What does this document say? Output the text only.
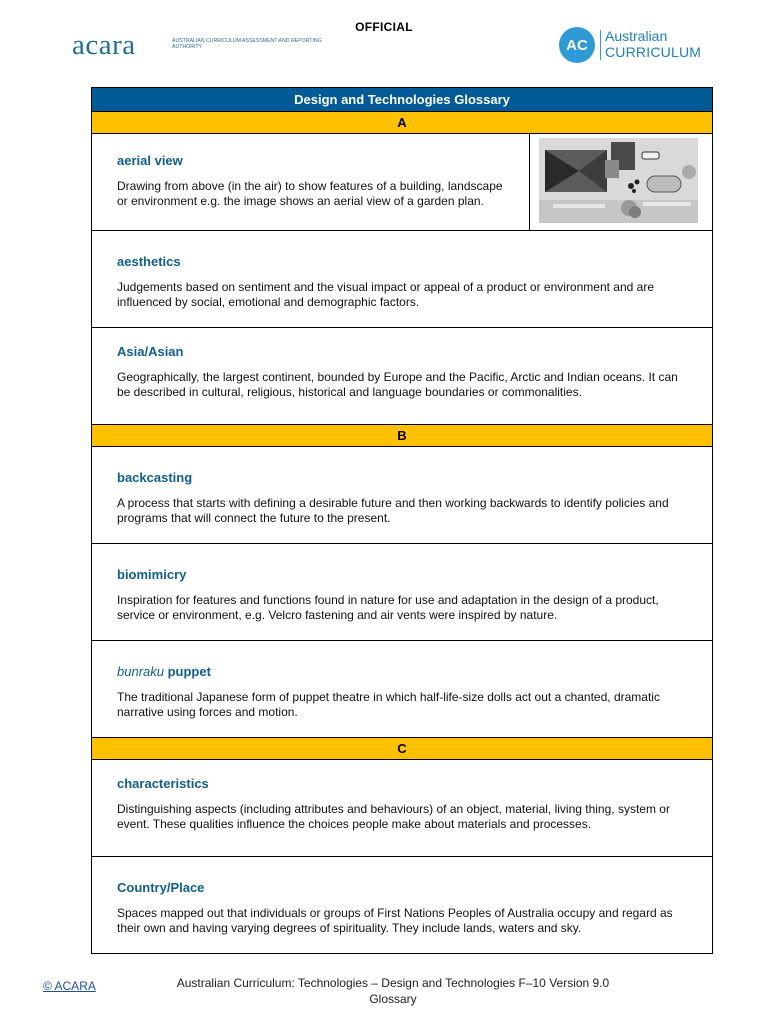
OFFICIAL
acara	AUSTRALIAN CURRICULUM ASSESSMENT AND REPORTING AUTHORITY	AC
Australian
CURRICULUM
Design and Technologies Glossary
A
aerial view
Drawing from above (in the air) to show features of a building, landscape or environment e.g. the image shows an aerial view of a garden plan.
aesthetics
Judgements based on sentiment and the visual impact or appeal of a product or environment and are influenced by social, emotional and demographic factors.
Asia/Asian
Geographically, the largest continent, bounded by Europe and the Pacific, Arctic and Indian oceans. It can be described in cultural, religious, historical and language boundaries or commonalities.
B
backcasting
A process that starts with defining a desirable future and then working backwards to identify policies and programs that will connect the future to the present.
biomimicry
Inspiration for features and functions found in nature for use and adaptation in the design of a product, service or environment, e.g. Velcro fastening and air vents were inspired by nature.
bunraku puppet
The traditional Japanese form of puppet theatre in which half-life-size dolls act out a chanted, dramatic narrative using forces and motion.
C
characteristics
Distinguishing aspects (including attributes and behaviours) of an object, material, living thing, system or event. These qualities influence the choices people make about materials and processes.
Country/Place
Spaces mapped out that individuals or groups of First Nations Peoples of Australia occupy and regard as their own and having varying degrees of spirituality. They include lands, waters and sky.
© ACARA	Australian Curriculum: Technologies – Design and Technologies F–10 Version 9.0
Glossary
